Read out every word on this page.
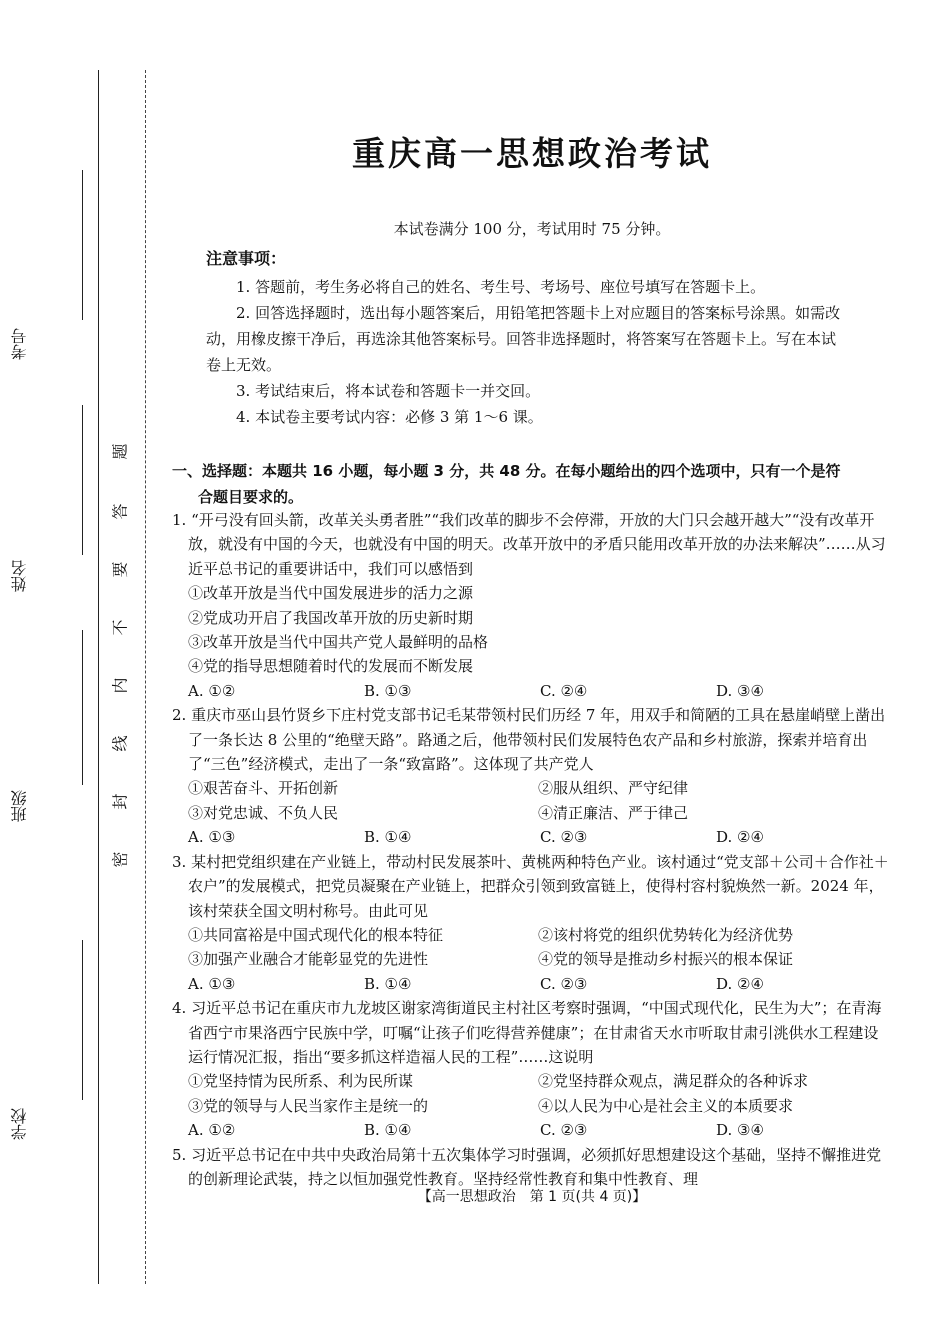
考号
姓名
班级
学校
题
答
要
不
内
线
封
密
重庆高一思想政治考试
本试卷满分 100 分，考试用时 75 分钟。
注意事项：

1. 答题前，考生务必将自己的姓名、考生号、考场号、座位号填写在答题卡上。

2. 回答选择题时，选出每小题答案后，用铅笔把答题卡上对应题目的答案标号涂黑。如需改动，用橡皮擦干净后，再选涂其他答案标号。回答非选择题时，将答案写在答题卡上。写在本试卷上无效。

3. 考试结束后，将本试卷和答题卡一并交回。

4. 本试卷主要考试内容：必修 3 第 1～6 课。

一、选择题：本题共 16 小题，每小题 3 分，共 48 分。在每小题给出的四个选项中，只有一个是符
合题目要求的。
1. “开弓没有回头箭，改革关头勇者胜”“我们改革的脚步不会停滞，开放的大门只会越开越大”“没有改革开放，就没有中国的今天，也就没有中国的明天。改革开放中的矛盾只能用改革开放的办法来解决”……从习近平总书记的重要讲话中，我们可以感悟到
①改革开放是当代中国发展进步的活力之源
②党成功开启了我国改革开放的历史新时期
③改革开放是当代中国共产党人最鲜明的品格
④党的指导思想随着时代的发展而不断发展
A. ①②	B. ①③	C. ②④	D. ③④
2. 重庆市巫山县竹贤乡下庄村党支部书记毛某带领村民们历经 7 年，用双手和简陋的工具在悬崖峭壁上凿出了一条长达 8 公里的“绝壁天路”。路通之后，他带领村民们发展特色农产品和乡村旅游，探索并培育出了“三色”经济模式，走出了一条“致富路”。这体现了共产党人
①艰苦奋斗、开拓创新	②服从组织、严守纪律
③对党忠诚、不负人民	④清正廉洁、严于律己
A. ①③	B. ①④	C. ②③	D. ②④
3. 某村把党组织建在产业链上，带动村民发展茶叶、黄桃两种特色产业。该村通过“党支部＋公司＋合作社＋农户”的发展模式，把党员凝聚在产业链上，把群众引领到致富链上，使得村容村貌焕然一新。2024 年，该村荣获全国文明村称号。由此可见
①共同富裕是中国式现代化的根本特征	②该村将党的组织优势转化为经济优势
③加强产业融合才能彰显党的先进性	④党的领导是推动乡村振兴的根本保证
A. ①③	B. ①④	C. ②③	D. ②④
4. 习近平总书记在重庆市九龙坡区谢家湾街道民主村社区考察时强调，“中国式现代化，民生为大”；在青海省西宁市果洛西宁民族中学，叮嘱“让孩子们吃得营养健康”；在甘肃省天水市听取甘肃引洮供水工程建设运行情况汇报，指出“要多抓这样造福人民的工程”……这说明
①党坚持情为民所系、利为民所谋	②党坚持群众观点，满足群众的各种诉求
③党的领导与人民当家作主是统一的	④以人民为中心是社会主义的本质要求
A. ①②	B. ①④	C. ②③	D. ③④
5. 习近平总书记在中共中央政治局第十五次集体学习时强调，必须抓好思想建设这个基础，坚持不懈推进党的创新理论武装，持之以恒加强党性教育。坚持经常性教育和集中性教育、理
【高一思想政治　第 1 页(共 4 页)】
